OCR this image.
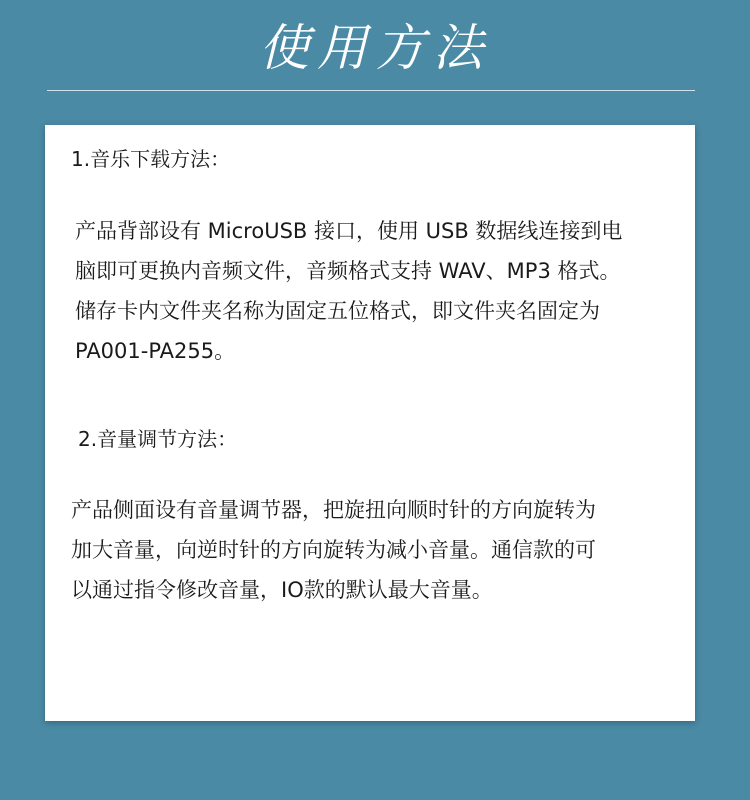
使用方法
1.音乐下载方法：
产品背部设有 MicroUSB 接口，使用 USB 数据线连接到电
脑即可更换内音频文件，音频格式支持 WAV、MP3 格式。
储存卡内文件夹名称为固定五位格式，即文件夹名固定为
PA001-PA255。
2.音量调节方法：
产品侧面设有音量调节器，把旋扭向顺时针的方向旋转为
加大音量，向逆时针的方向旋转为减小音量。通信款的可
以通过指令修改音量，IO款的默认最大音量。
